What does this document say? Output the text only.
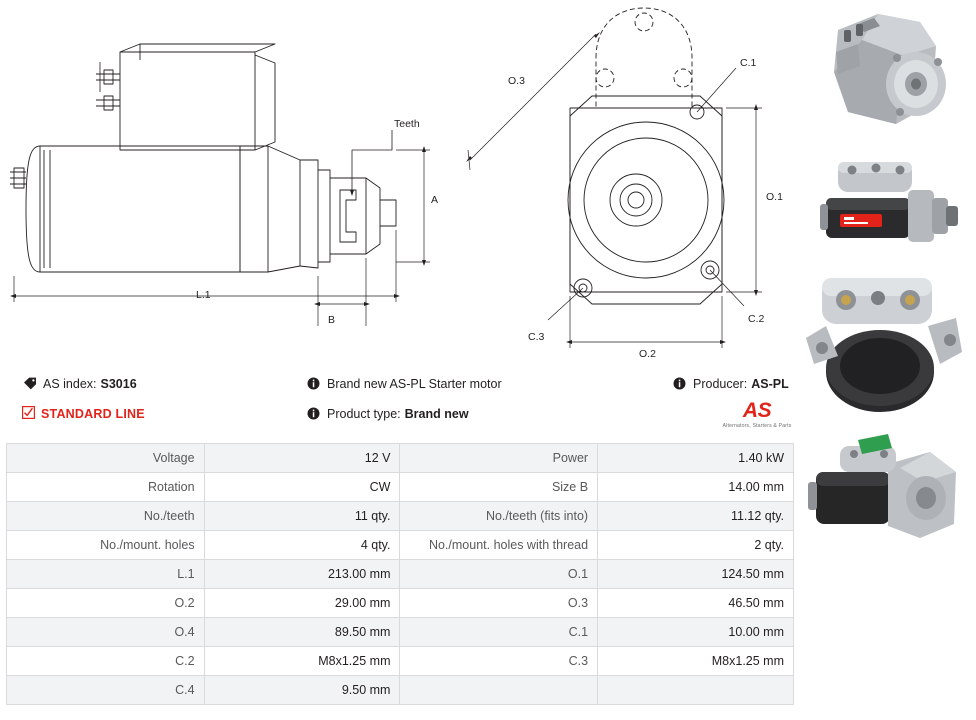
Teeth
A
L.1
B
O.1
O.2
O.3
C.1
C.2
C.3
AS index: S3016
STANDARD LINE
Brand new AS-PL Starter motor
Product type: Brand new
Producer: AS-PL
AS
Alternators, Starters & Parts
Voltage	12 V	Power	1.40 kW
Rotation	CW	Size B	14.00 mm
No./teeth	11 qty.	No./teeth (fits into)	11.12 qty.
No./mount. holes	4 qty.	No./mount. holes with thread	2 qty.
L.1	213.00 mm	O.1	124.50 mm
O.2	29.00 mm	O.3	46.50 mm
O.4	89.50 mm	C.1	10.00 mm
C.2	M8x1.25 mm	C.3	M8x1.25 mm
C.4	9.50 mm		
